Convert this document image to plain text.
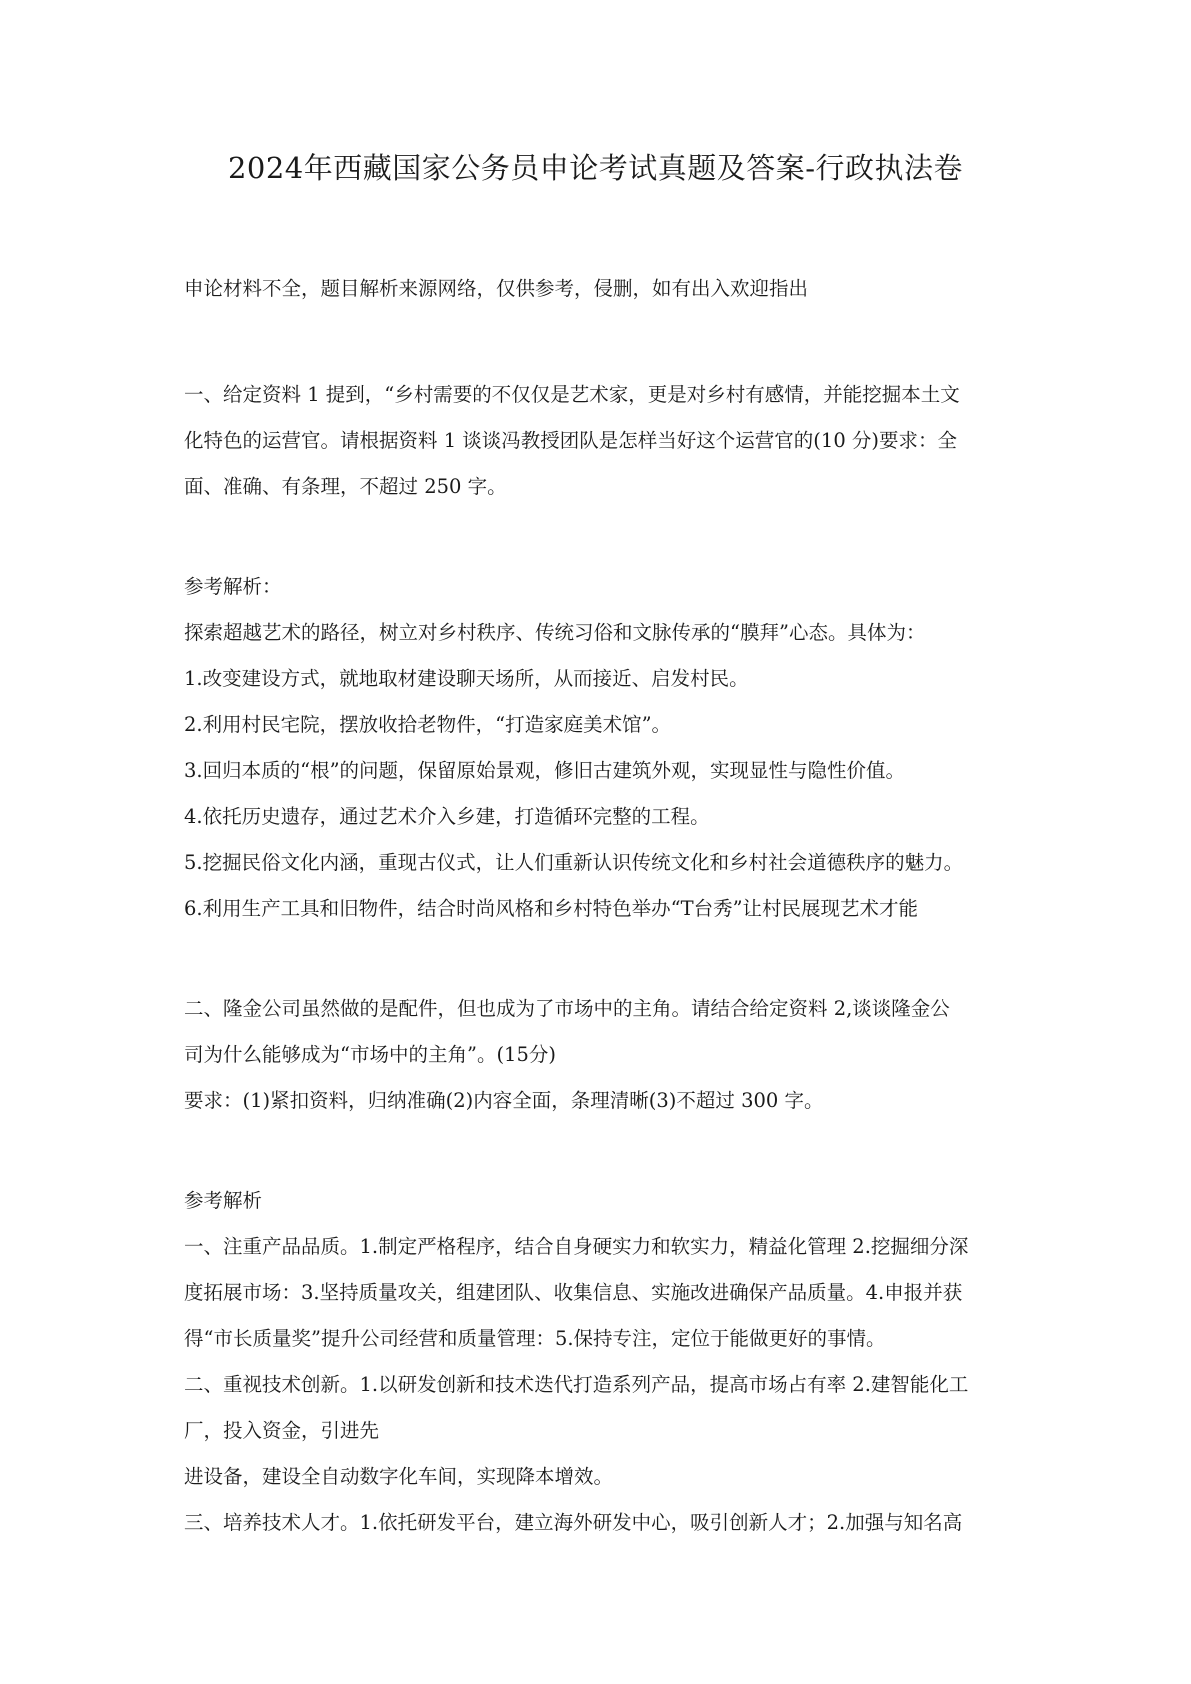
2024年西藏国家公务员申论考试真题及答案-行政执法卷

申论材料不全，题目解析来源网络，仅供参考，侵删，如有出入欢迎指出

一、给定资料 1 提到，“乡村需要的不仅仅是艺术家，更是对乡村有感情，并能挖掘本土文

化特色的运营官。请根据资料 1 谈谈冯教授团队是怎样当好这个运营官的(10 分)要求：全

面、准确、有条理，不超过 250 字。

参考解析：

探索超越艺术的路径，树立对乡村秩序、传统习俗和文脉传承的“膜拜”心态。具体为：

1.改变建设方式，就地取材建设聊天场所，从而接近、启发村民。

2.利用村民宅院，摆放收拾老物件，“打造家庭美术馆”。

3.回归本质的“根”的问题，保留原始景观，修旧古建筑外观，实现显性与隐性价值。

4.依托历史遗存，通过艺术介入乡建，打造循环完整的工程。

5.挖掘民俗文化内涵，重现古仪式，让人们重新认识传统文化和乡村社会道德秩序的魅力。

6.利用生产工具和旧物件，结合时尚风格和乡村特色举办“T台秀”让村民展现艺术才能

二、隆金公司虽然做的是配件，但也成为了市场中的主角。请结合给定资料 2,谈谈隆金公

司为什么能够成为“市场中的主角”。(15分)

要求：(1)紧扣资料，归纳准确(2)内容全面，条理清晰(3)不超过 300 字。

参考解析

一、注重产品品质。1.制定严格程序，结合自身硬实力和软实力，精益化管理 2.挖掘细分深

度拓展市场：3.坚持质量攻关，组建团队、收集信息、实施改进确保产品质量。4.申报并获

得“市长质量奖”提升公司经营和质量管理：5.保持专注，定位于能做更好的事情。

二、重视技术创新。1.以研发创新和技术迭代打造系列产品，提高市场占有率 2.建智能化工

厂，投入资金，引进先

进设备，建设全自动数字化车间，实现降本增效。

三、培养技术人才。1.依托研发平台，建立海外研发中心，吸引创新人才；2.加强与知名高
